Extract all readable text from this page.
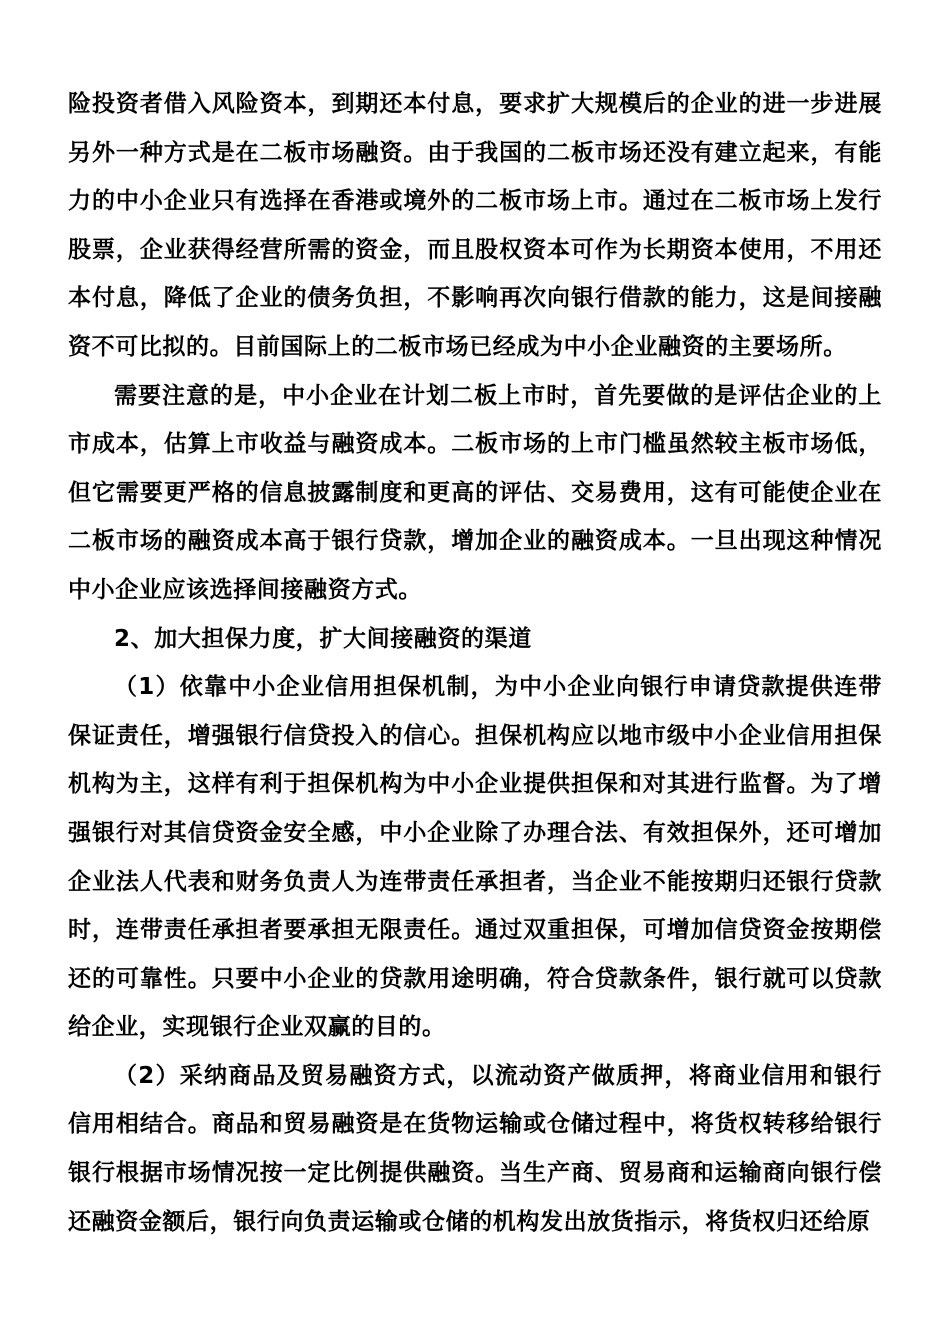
险投资者借入风险资本，到期还本付息，要求扩大规模后的企业的进一步进展另外一种方式是在二板市场融资。由于我国的二板市场还没有建立起来，有能力的中小企业只有选择在香港或境外的二板市场上市。通过在二板市场上发行股票，企业获得经营所需的资金，而且股权资本可作为长期资本使用，不用还本付息，降低了企业的债务负担，不影响再次向银行借款的能力，这是间接融资不可比拟的。目前国际上的二板市场已经成为中小企业融资的主要场所。

需要注意的是，中小企业在计划二板上市时，首先要做的是评估企业的上市成本，估算上市收益与融资成本。二板市场的上市门槛虽然较主板市场低，但它需要更严格的信息披露制度和更高的评估、交易费用，这有可能使企业在二板市场的融资成本高于银行贷款，增加企业的融资成本。一旦出现这种情况中小企业应该选择间接融资方式。

2、加大担保力度，扩大间接融资的渠道

（1）依靠中小企业信用担保机制，为中小企业向银行申请贷款提供连带保证责任，增强银行信贷投入的信心。担保机构应以地市级中小企业信用担保机构为主，这样有利于担保机构为中小企业提供担保和对其进行监督。为了增强银行对其信贷资金安全感，中小企业除了办理合法、有效担保外，还可增加企业法人代表和财务负责人为连带责任承担者，当企业不能按期归还银行贷款时，连带责任承担者要承担无限责任。通过双重担保，可增加信贷资金按期偿还的可靠性。只要中小企业的贷款用途明确，符合贷款条件，银行就可以贷款给企业，实现银行企业双赢的目的。

（2）采纳商品及贸易融资方式，以流动资产做质押，将商业信用和银行信用相结合。商品和贸易融资是在货物运输或仓储过程中，将货权转移给银行银行根据市场情况按一定比例提供融资。当生产商、贸易商和运输商向银行偿还融资金额后，银行向负责运输或仓储的机构发出放货指示，将货权归还给原
